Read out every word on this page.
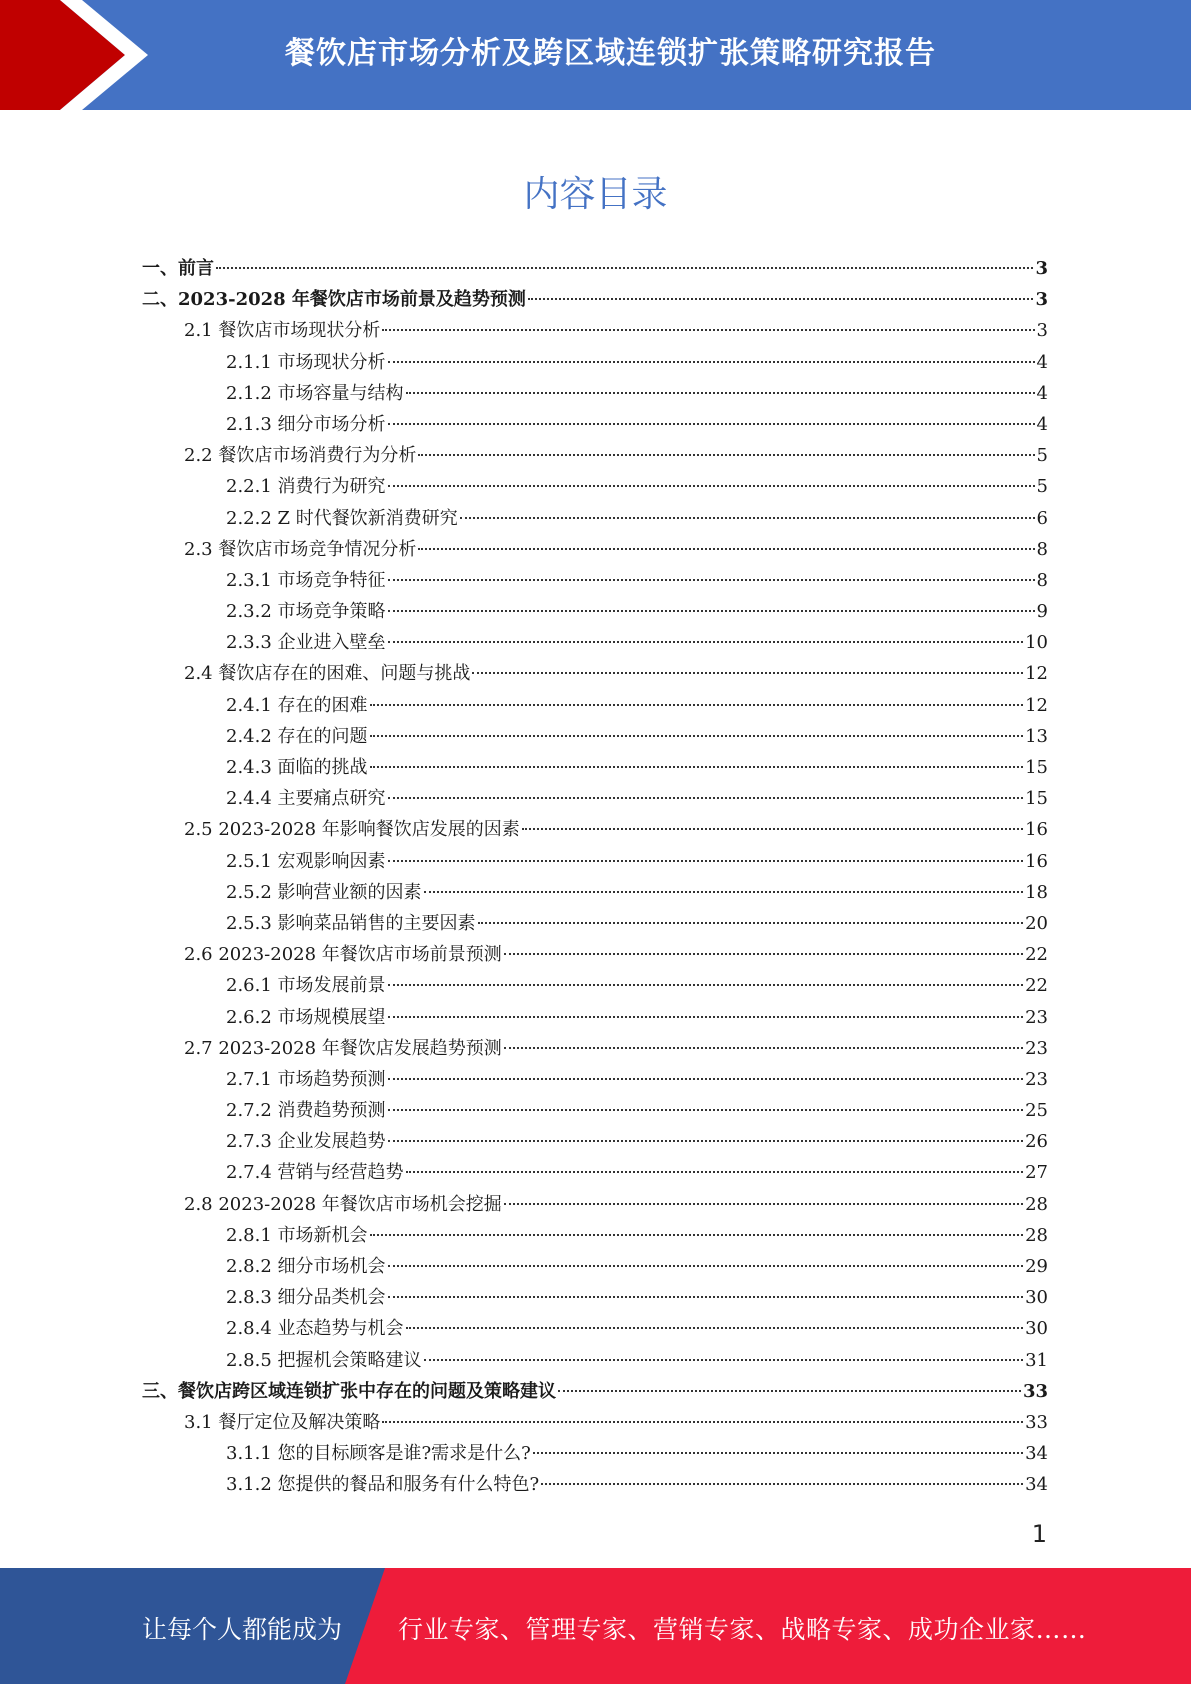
餐饮店市场分析及跨区域连锁扩张策略研究报告
内容目录
一、前言	3
二、2023-2028 年餐饮店市场前景及趋势预测	3
2.1 餐饮店市场现状分析	3
2.1.1 市场现状分析	4
2.1.2 市场容量与结构	4
2.1.3 细分市场分析	4
2.2 餐饮店市场消费行为分析	5
2.2.1 消费行为研究	5
2.2.2 Z 时代餐饮新消费研究	6
2.3 餐饮店市场竞争情况分析	8
2.3.1 市场竞争特征	8
2.3.2 市场竞争策略	9
2.3.3 企业进入壁垒	10
2.4 餐饮店存在的困难、问题与挑战	12
2.4.1 存在的困难	12
2.4.2 存在的问题	13
2.4.3 面临的挑战	15
2.4.4 主要痛点研究	15
2.5 2023-2028 年影响餐饮店发展的因素	16
2.5.1 宏观影响因素	16
2.5.2 影响营业额的因素	18
2.5.3 影响菜品销售的主要因素	20
2.6 2023-2028 年餐饮店市场前景预测	22
2.6.1 市场发展前景	22
2.6.2 市场规模展望	23
2.7 2023-2028 年餐饮店发展趋势预测	23
2.7.1 市场趋势预测	23
2.7.2 消费趋势预测	25
2.7.3 企业发展趋势	26
2.7.4 营销与经营趋势	27
2.8 2023-2028 年餐饮店市场机会挖掘	28
2.8.1 市场新机会	28
2.8.2 细分市场机会	29
2.8.3 细分品类机会	30
2.8.4 业态趋势与机会	30
2.8.5 把握机会策略建议	31
三、餐饮店跨区域连锁扩张中存在的问题及策略建议	33
3.1 餐厅定位及解决策略	33
3.1.1 您的目标顾客是谁?需求是什么?	34
3.1.2 您提供的餐品和服务有什么特色?	34
1
让每个人都能成为 行业专家、管理专家、营销专家、战略专家、成功企业家……
